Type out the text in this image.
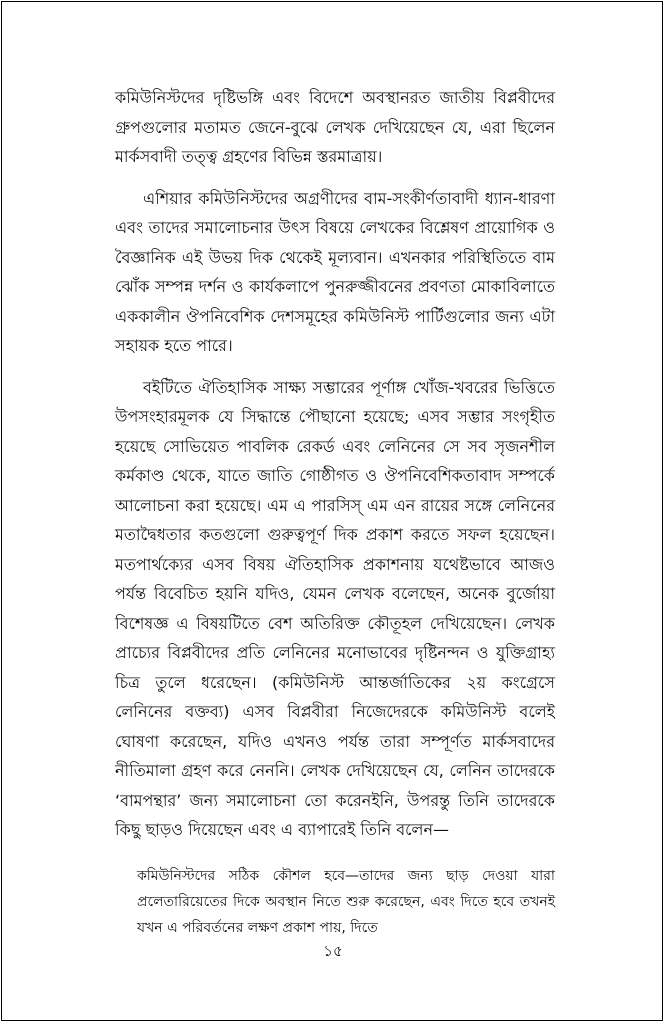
কমিউনিস্টদের দৃষ্টিভঙ্গি এবং বিদেশে অবস্থানরত জাতীয় বিপ্লবীদের গ্রুপগুলোর মতামত জেনে-বুঝে লেখক দেখিয়েছেন যে, এরা ছিলেন মার্কসবাদী তত্ত্ব গ্রহণের বিভিন্ন স্তরমাত্রায়।

এশিয়ার কমিউনিস্টদের অগ্রণীদের বাম-সংকীর্ণতাবাদী ধ্যান-ধারণা এবং তাদের সমালোচনার উৎস বিষয়ে লেখকের বিশ্লেষণ প্রায়োগিক ও বৈজ্ঞানিক এই উভয় দিক থেকেই মূল্যবান। এখনকার পরিস্থিতিতে বাম ঝোঁক সম্পন্ন দর্শন ও কার্যকলাপে পুনরুজ্জীবনের প্রবণতা মোকাবিলাতে এককালীন ঔপনিবেশিক দেশসমূহের কমিউনিস্ট পার্টিগুলোর জন্য এটা সহায়ক হতে পারে।

বইটিতে ঐতিহাসিক সাক্ষ্য সম্ভারের পূর্ণাঙ্গ খোঁজ-খবরের ভিত্তিতে উপসংহারমূলক যে সিদ্ধান্তে পৌছানো হয়েছে; এসব সম্ভার সংগৃহীত হয়েছে সোভিয়েত পাবলিক রেকর্ড এবং লেনিনের সে সব সৃজনশীল কর্মকাণ্ড থেকে, যাতে জাতি গোষ্ঠীগত ও ঔপনিবেশিকতাবাদ সম্পর্কে আলোচনা করা হয়েছে। এম এ পারসিস্ এম এন রায়ের সঙ্গে লেনিনের মতাদ্বৈধতার কতগুলো গুরুত্বপূর্ণ দিক প্রকাশ করতে সফল হয়েছেন। মতপার্থক্যের এসব বিষয় ঐতিহাসিক প্রকাশনায় যথেষ্টভাবে আজও পর্যন্ত বিবেচিত হয়নি যদিও, যেমন লেখক বলেছেন, অনেক বুর্জোয়া বিশেষজ্ঞ এ বিষয়টিতে বেশ অতিরিক্ত কৌতূহল দেখিয়েছেন। লেখক প্রাচ্যের বিপ্লবীদের প্রতি লেনিনের মনোভাবের দৃষ্টিনন্দন ও যুক্তিগ্রাহ্য চিত্র তুলে ধরেছেন। (কমিউনিস্ট আন্তর্জাতিকের ২য় কংগ্রেসে লেনিনের বক্তব্য) এসব বিপ্লবীরা নিজেদেরকে কমিউনিস্ট বলেই ঘোষণা করেছেন, যদিও এখনও পর্যন্ত তারা সম্পূর্ণত মার্কসবাদের নীতিমালা গ্রহণ করে নেননি। লেখক দেখিয়েছেন যে, লেনিন তাদেরকে ‘বামপন্থার’ জন্য সমালোচনা তো করেনইনি, উপরন্তু তিনি তাদেরকে কিছু ছাড়ও দিয়েছেন এবং এ ব্যাপারেই তিনি বলেন—

কমিউনিস্টদের সঠিক কৌশল হবে—তাদের জন্য ছাড় দেওয়া যারা প্রলেতারিয়েতের দিকে অবস্থান নিতে শুরু করেছেন, এবং দিতে হবে তখনই যখন এ পরিবর্তনের লক্ষণ প্রকাশ পায়, দিতে

১৫
